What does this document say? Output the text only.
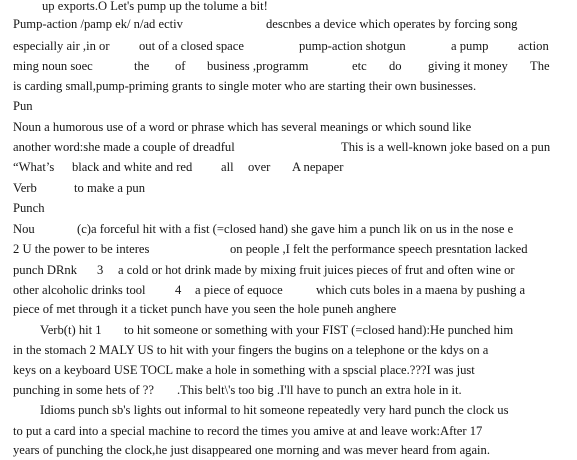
up exports.O Let's pump up the tolume a bit!
Pump-action /pamp ek/ n/ad ectiv	descnbes a device which operates by forcing song
especially air ,in or out of a closed space	pump-action shotgun	a pump action
ming noun soec	the of business ,programm	etc do giving it money The
is carding small,pump-priming grants to single moter who are starting their own businesses.
Pun
Noun a humorous use of a word or phrase which has several meanings or which sound like
another word:she made a couple of dreadful	This is a well-known joke based on a pun
“What’s black and white and red all over A nepaper
Verb	to make a pun
Punch
Nou	(c)a forceful hit with a fist (=closed hand) she gave him a punch lik on us in the nose e
2 U the power to be interes	on people ,I felt the performance speech presntation lacked
punch DRnk 3 a cold or hot drink made by mixing fruit juices pieces of frut and often wine or
other alcoholic drinks tool 4 a piece of equoce	which cuts boles in a maena by pushing a
piece of met through it a ticket punch have you seen the hole puneh anghere
Verb(t) hit 1 to hit someone or something with your FIST (=closed hand):He punched him
in the stomach 2 MALY US to hit with your fingers the bugins on a telephone or the kdys on a
keys on a keyboard USE TOCL make a hole in something with a spscial place.???I was just
punching in some hets of ?? .This belt\'s too big .I'll have to punch an extra hole in it.
Idioms punch sb's lights out informal to hit someone repeatedly very hard punch the clock us
to put a card into a special machine to record the times you amive at and leave work:After 17
years of punching the clock,he just disappeared one morning and was mever heard from again.
